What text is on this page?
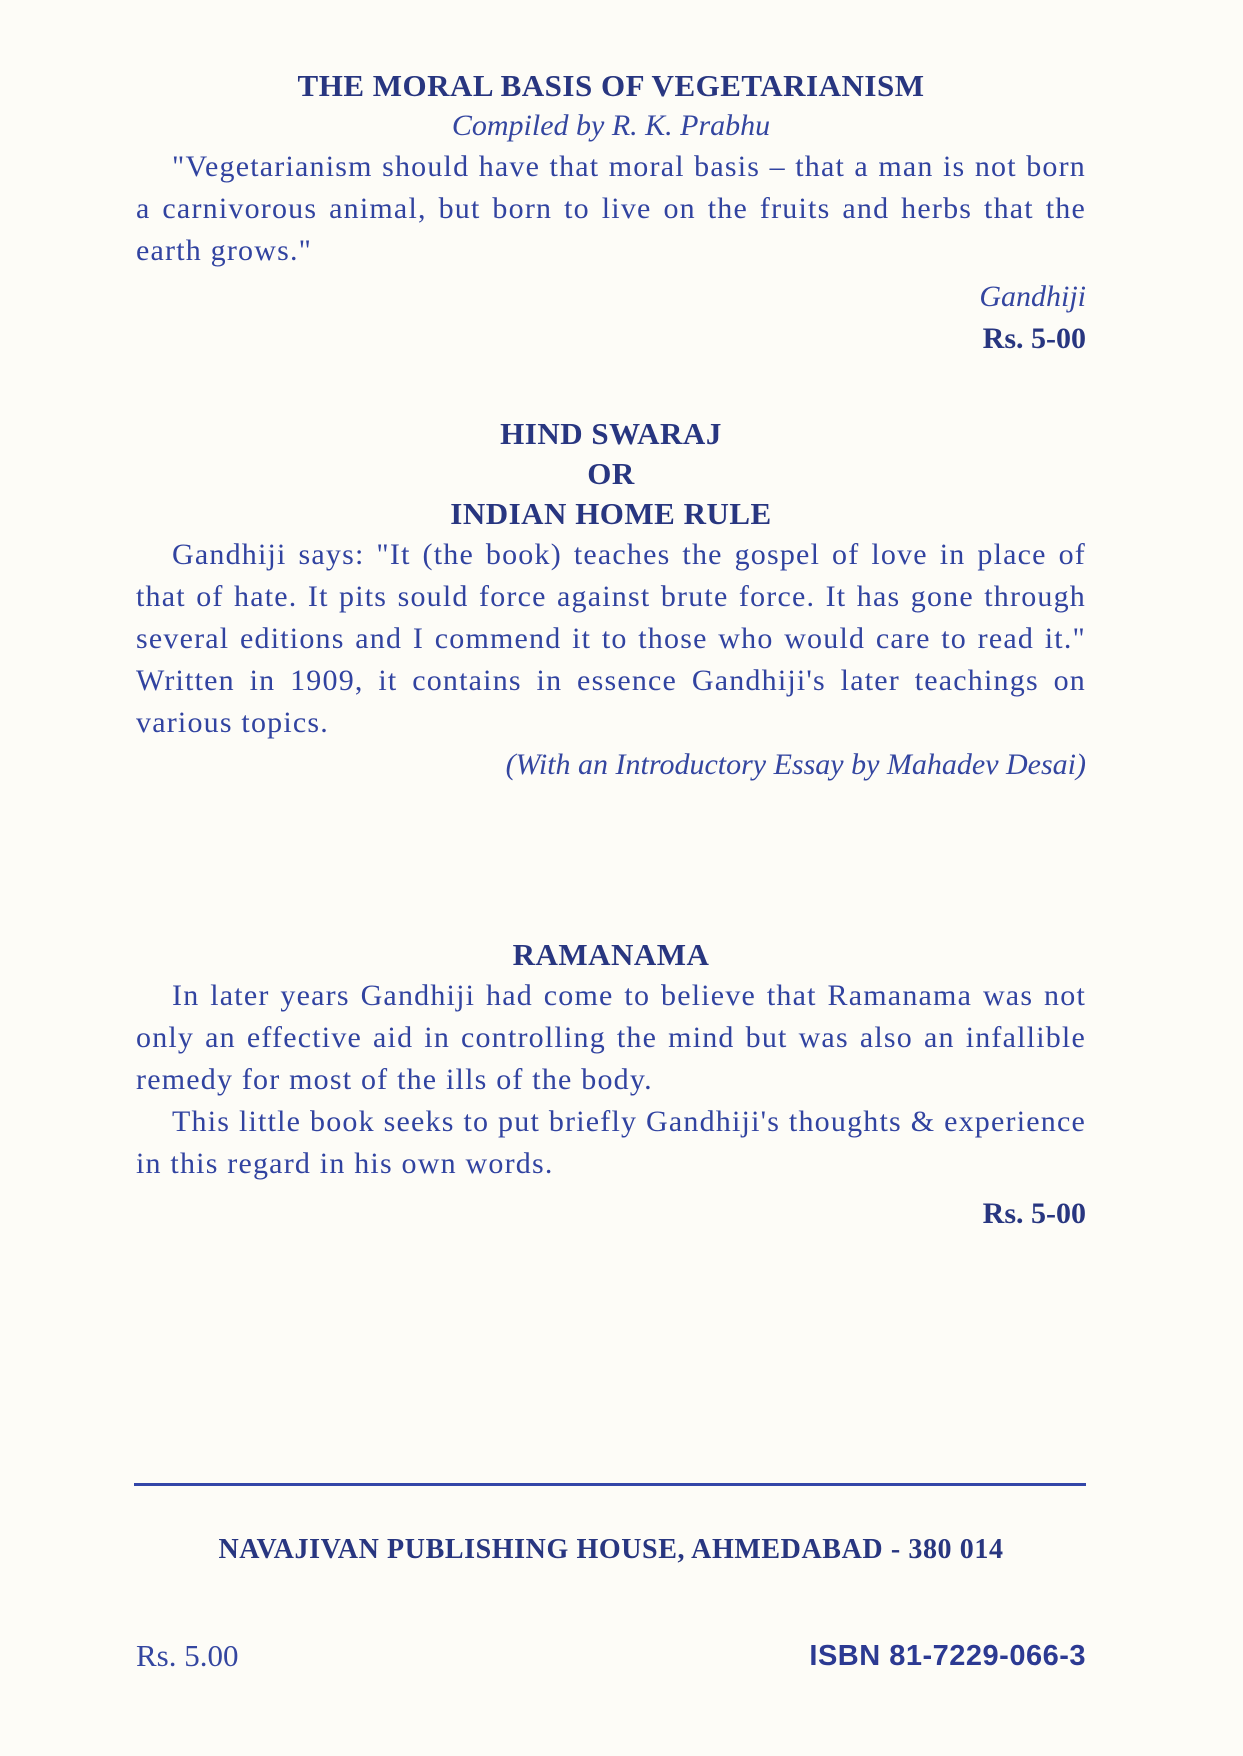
THE MORAL BASIS OF VEGETARIANISM
Compiled by R. K. Prabhu
"Vegetarianism should have that moral basis – that a man is not born a carnivorous animal, but born to live on the fruits and herbs that the earth grows."
Gandhiji
Rs. 5-00
HIND SWARAJ
OR
INDIAN HOME RULE
Gandhiji says: "It (the book) teaches the gospel of love in place of that of hate. It pits sould force against brute force. It has gone through several editions and I commend it to those who would care to read it." Written in 1909, it contains in essence Gandhiji's later teachings on various topics.
(With an Introductory Essay by Mahadev Desai)
RAMANAMA
In later years Gandhiji had come to believe that Ramanama was not only an effective aid in controlling the mind but was also an infallible remedy for most of the ills of the body.
This little book seeks to put briefly Gandhiji's thoughts & experience in this regard in his own words.
Rs. 5-00
NAVAJIVAN PUBLISHING HOUSE, AHMEDABAD - 380 014
Rs. 5.00	ISBN 81-7229-066-3
